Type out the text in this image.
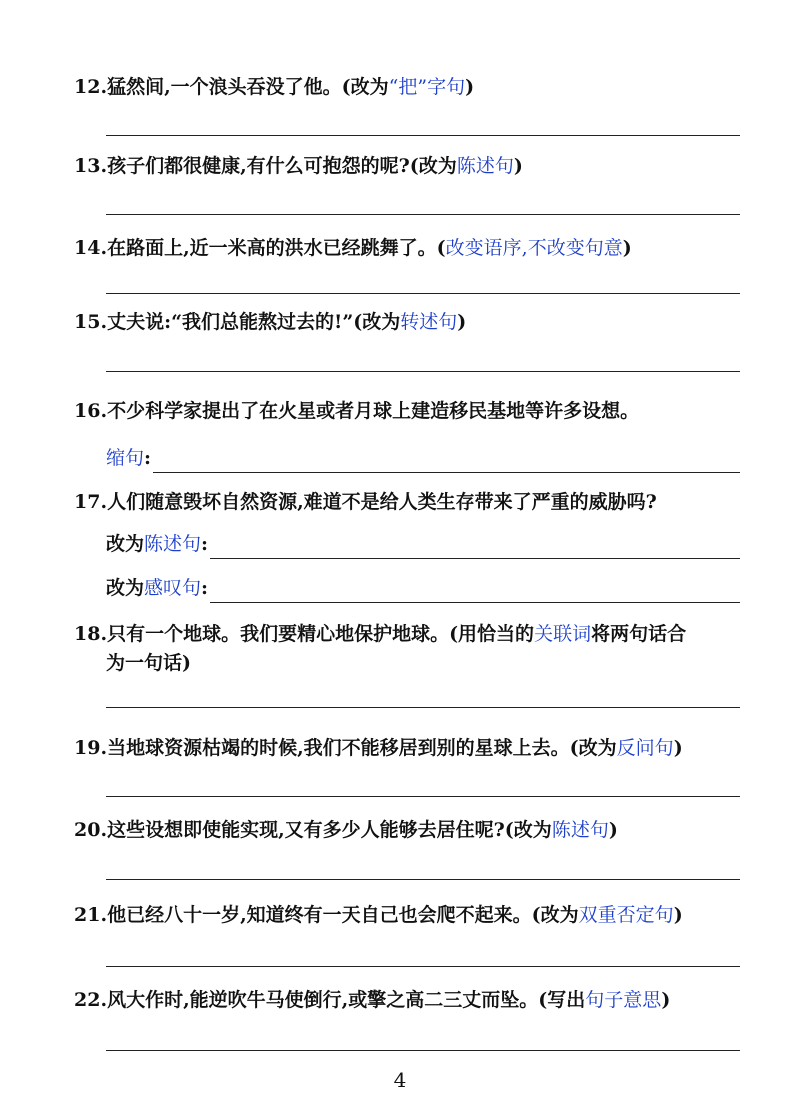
12.猛然间,一个浪头吞没了他。(改为“把”字句)
13.孩子们都很健康,有什么可抱怨的呢?(改为陈述句)
14.在路面上,近一米高的洪水已经跳舞了。(改变语序,不改变句意)
15.丈夫说:“我们总能熬过去的!”(改为转述句)
16.不少科学家提出了在火星或者月球上建造移民基地等许多设想。
缩句 :
17.人们随意毁坏自然资源,难道不是给人类生存带来了严重的威胁吗?
改为 陈述句 :
改为 感叹句 :
18.只有一个地球。我们要精心地保护地球。(用恰当的关联词将两句话合
为一句话)
19.当地球资源枯竭的时候,我们不能移居到别的星球上去。(改为反问句)
20.这些设想即使能实现,又有多少人能够去居住呢?(改为陈述句)
21.他已经八十一岁,知道终有一天自己也会爬不起来。(改为双重否定句)
22.风大作时,能逆吹牛马使倒行,或擎之高二三丈而坠。(写出句子意思)
4
